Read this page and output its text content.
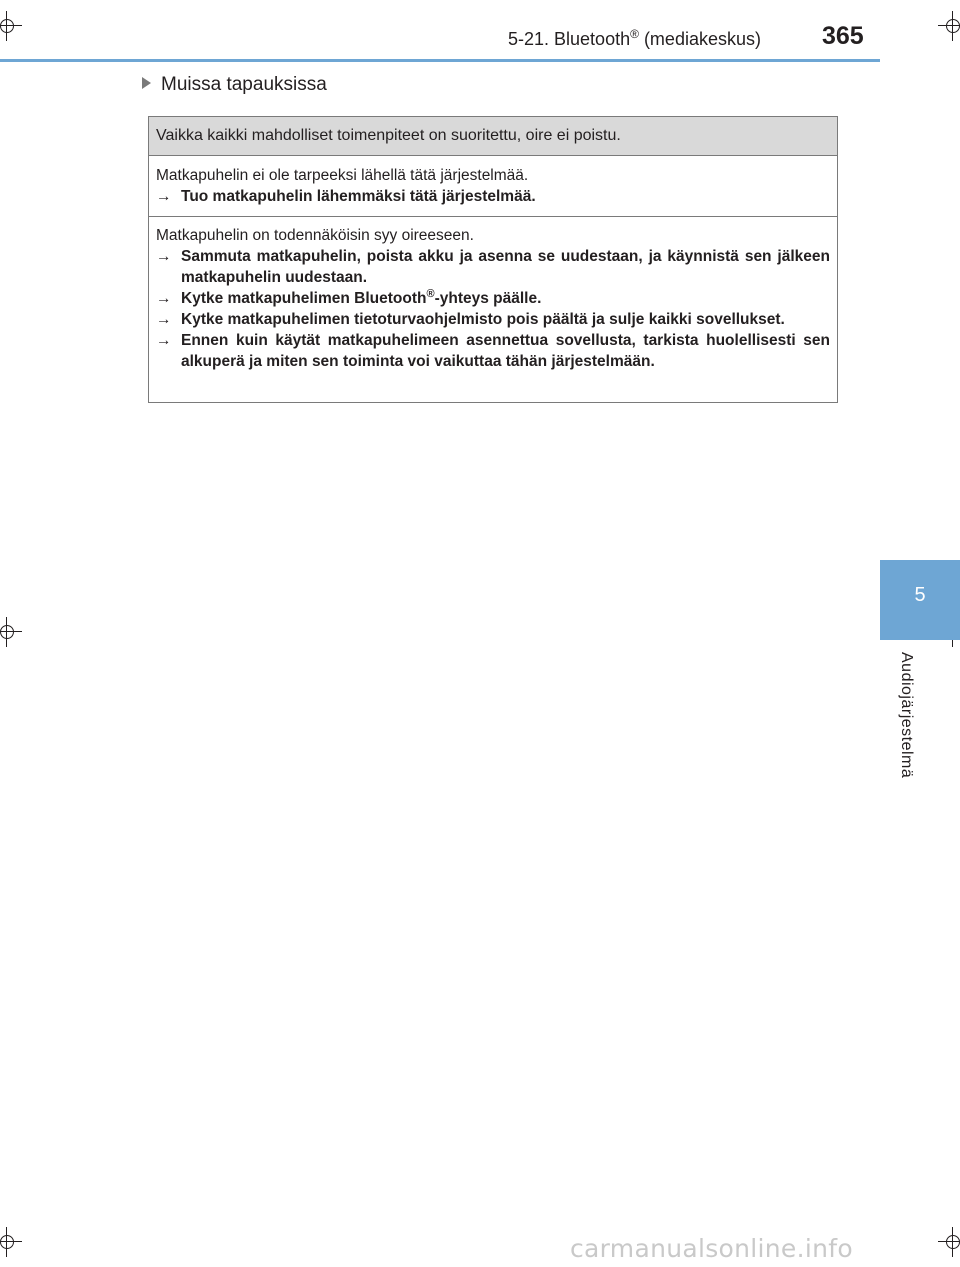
5-21. Bluetooth® (mediakeskus) 365
5
Audiojärjestelmä
Muissa tapauksissa
Vaikka kaikki mahdolliset toimenpiteet on suoritettu, oire ei poistu.

Matkapuhelin ei ole tarpeeksi lähellä tätä järjestelmää.

→ Tuo matkapuhelin lähemmäksi tätä järjestelmää.

Matkapuhelin on todennäköisin syy oireeseen.

→ Sammuta matkapuhelin, poista akku ja asenna se uudestaan, ja käynnistä sen jälkeen matkapuhelin uudestaan.

→ Kytke matkapuhelimen Bluetooth®-yhteys päälle.

→ Kytke matkapuhelimen tietoturvaohjelmisto pois päältä ja sulje kaikki sovellukset.

→ Ennen kuin käytät matkapuhelimeen asennettua sovellusta, tarkista huolellisesti sen alkuperä ja miten sen toiminta voi vaikuttaa tähän järjestelmään.

carmanualsonline.info
